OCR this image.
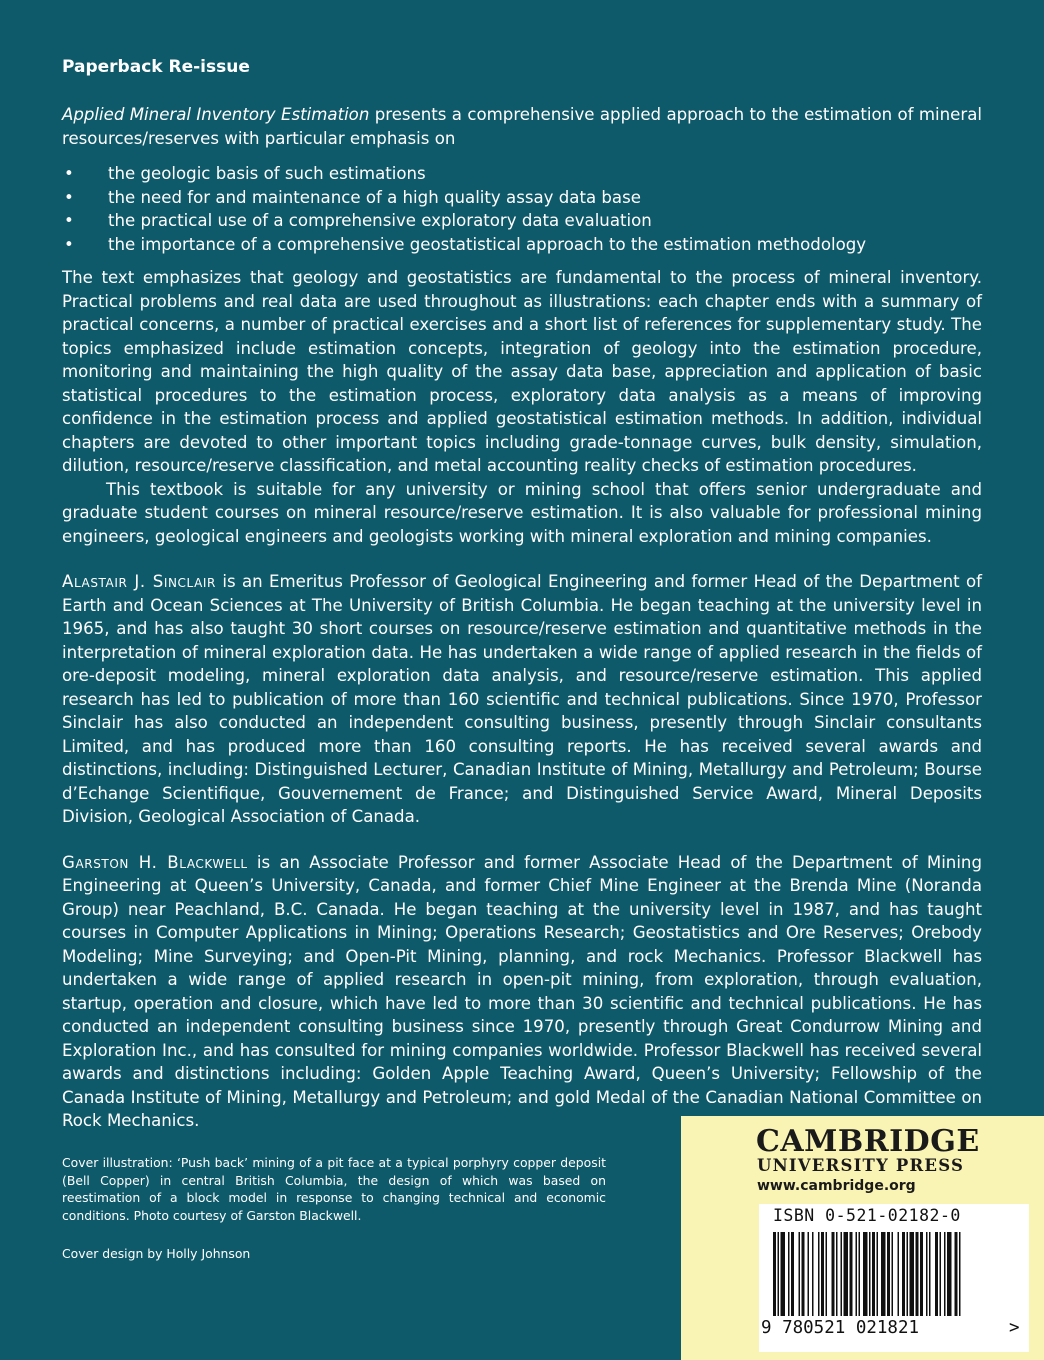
Paperback Re-issue

Applied Mineral Inventory Estimation presents a comprehensive applied approach to the estimation of mineral resources/reserves with particular emphasis on

• the geologic basis of such estimations
• the need for and maintenance of a high quality assay data base
• the practical use of a comprehensive exploratory data evaluation
• the importance of a comprehensive geostatistical approach to the estimation methodology

The text emphasizes that geology and geostatistics are fundamental to the process of mineral inventory. Practical problems and real data are used throughout as illustrations: each chapter ends with a summary of practical concerns, a number of practical exercises and a short list of references for supplementary study. The topics emphasized include estimation concepts, integration of geology into the estimation procedure, monitoring and maintaining the high quality of the assay data base, appreciation and application of basic statistical procedures to the estimation process, exploratory data analysis as a means of improving confidence in the estimation process and applied geostatistical estimation methods. In addition, individual chapters are devoted to other important topics including grade-tonnage curves, bulk density, simulation, dilution, resource/reserve classification, and metal accounting reality checks of estimation procedures.

This textbook is suitable for any university or mining school that offers senior undergraduate and graduate student courses on mineral resource/reserve estimation. It is also valuable for professional mining engineers, geological engineers and geologists working with mineral exploration and mining companies.

Alastair J. Sinclair is an Emeritus Professor of Geological Engineering and former Head of the Department of Earth and Ocean Sciences at The University of British Columbia. He began teaching at the university level in 1965, and has also taught 30 short courses on resource/reserve estimation and quantitative methods in the interpretation of mineral exploration data. He has undertaken a wide range of applied research in the fields of ore-deposit modeling, mineral exploration data analysis, and resource/reserve estimation. This applied research has led to publication of more than 160 scientific and technical publications. Since 1970, Professor Sinclair has also conducted an independent consulting business, presently through Sinclair consultants Limited, and has produced more than 160 consulting reports. He has received several awards and distinctions, including: Distinguished Lecturer, Canadian Institute of Mining, Metallurgy and Petroleum; Bourse d’Echange Scientifique, Gouvernement de France; and Distinguished Service Award, Mineral Deposits Division, Geological Association of Canada.

Garston H. Blackwell is an Associate Professor and former Associate Head of the Department of Mining Engineering at Queen’s University, Canada, and former Chief Mine Engineer at the Brenda Mine (Noranda Group) near Peachland, B.C. Canada. He began teaching at the university level in 1987, and has taught courses in Computer Applications in Mining; Operations Research; Geostatistics and Ore Reserves; Orebody Modeling; Mine Surveying; and Open-Pit Mining, planning, and rock Mechanics. Professor Blackwell has undertaken a wide range of applied research in open-pit mining, from exploration, through evaluation, startup, operation and closure, which have led to more than 30 scientific and technical publications. He has conducted an independent consulting business since 1970, presently through Great Condurrow Mining and Exploration Inc., and has consulted for mining companies worldwide. Professor Blackwell has received several awards and distinctions including: Golden Apple Teaching Award, Queen’s University; Fellowship of the Canada Institute of Mining, Metallurgy and Petroleum; and gold Medal of the Canadian National Committee on Rock Mechanics.

Cover illustration: ‘Push back’ mining of a pit face at a typical porphyry copper deposit (Bell Copper) in central British Columbia, the design of which was based on reestimation of a block model in response to changing technical and economic conditions. Photo courtesy of Garston Blackwell.
Cover design by Holly Johnson
CAMBRIDGE
UNIVERSITY PRESS
www.cambridge.org
ISBN 0-521-02182-0
9 780521 021821	>
